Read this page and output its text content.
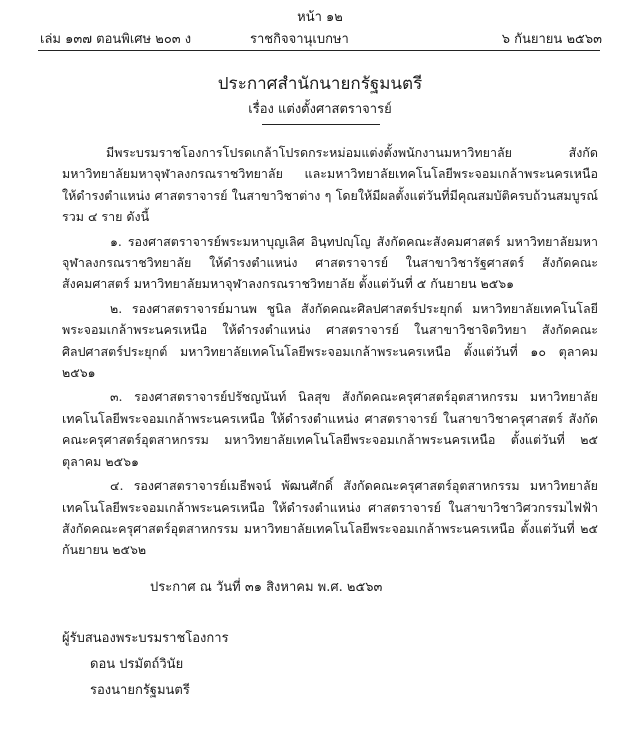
หน้า ๑๒
เล่ม ๑๓๗ ตอนพิเศษ ๒๐๓ ง	ราชกิจจานุเบกษา	๖ กันยายน ๒๕๖๓
ประกาศสำนักนายกรัฐมนตรี
เรื่อง แต่งตั้งศาสตราจารย์

มีพระบรมราชโองการโปรดเกล้าโปรดกระหม่อมแต่งตั้งพนักงานมหาวิทยาลัย สังกัดมหาวิทยาลัยมหาจุฬาลงกรณราชวิทยาลัย และมหาวิทยาลัยเทคโนโลยีพระจอมเกล้าพระนครเหนือ ให้ดำรงตำแหน่ง ศาสตราจารย์ ในสาขาวิชาต่าง ๆ โดยให้มีผลตั้งแต่วันที่มีคุณสมบัติครบถ้วนสมบูรณ์ รวม ๔ ราย ดังนี้

๑. รองศาสตราจารย์พระมหาบุญเลิศ อินฺทปญฺโญ สังกัดคณะสังคมศาสตร์ มหาวิทยาลัยมหาจุฬาลงกรณราชวิทยาลัย ให้ดำรงตำแหน่ง ศาสตราจารย์ ในสาขาวิชารัฐศาสตร์ สังกัดคณะสังคมศาสตร์ มหาวิทยาลัยมหาจุฬาลงกรณราชวิทยาลัย ตั้งแต่วันที่ ๕ กันยายน ๒๕๖๑

๒. รองศาสตราจารย์มานพ ชูนิล สังกัดคณะศิลปศาสตร์ประยุกต์ มหาวิทยาลัยเทคโนโลยีพระจอมเกล้าพระนครเหนือ ให้ดำรงตำแหน่ง ศาสตราจารย์ ในสาขาวิชาจิตวิทยา สังกัดคณะศิลปศาสตร์ประยุกต์ มหาวิทยาลัยเทคโนโลยีพระจอมเกล้าพระนครเหนือ ตั้งแต่วันที่ ๑๐ ตุลาคม ๒๕๖๑

๓. รองศาสตราจารย์ปรัชญนันท์ นิลสุข สังกัดคณะครุศาสตร์อุตสาหกรรม มหาวิทยาลัยเทคโนโลยีพระจอมเกล้าพระนครเหนือ ให้ดำรงตำแหน่ง ศาสตราจารย์ ในสาขาวิชาครุศาสตร์ สังกัดคณะครุศาสตร์อุตสาหกรรม มหาวิทยาลัยเทคโนโลยีพระจอมเกล้าพระนครเหนือ ตั้งแต่วันที่ ๒๕ ตุลาคม ๒๕๖๑

๔. รองศาสตราจารย์เมธีพจน์ พัฒนศักดิ์ สังกัดคณะครุศาสตร์อุตสาหกรรม มหาวิทยาลัยเทคโนโลยีพระจอมเกล้าพระนครเหนือ ให้ดำรงตำแหน่ง ศาสตราจารย์ ในสาขาวิชาวิศวกรรมไฟฟ้า สังกัดคณะครุศาสตร์อุตสาหกรรม มหาวิทยาลัยเทคโนโลยีพระจอมเกล้าพระนครเหนือ ตั้งแต่วันที่ ๒๕ กันยายน ๒๕๖๒

ประกาศ ณ วันที่ ๓๑ สิงหาคม พ.ศ. ๒๕๖๓
ผู้รับสนองพระบรมราชโองการ
ดอน ปรมัตถ์วินัย
รองนายกรัฐมนตรี
